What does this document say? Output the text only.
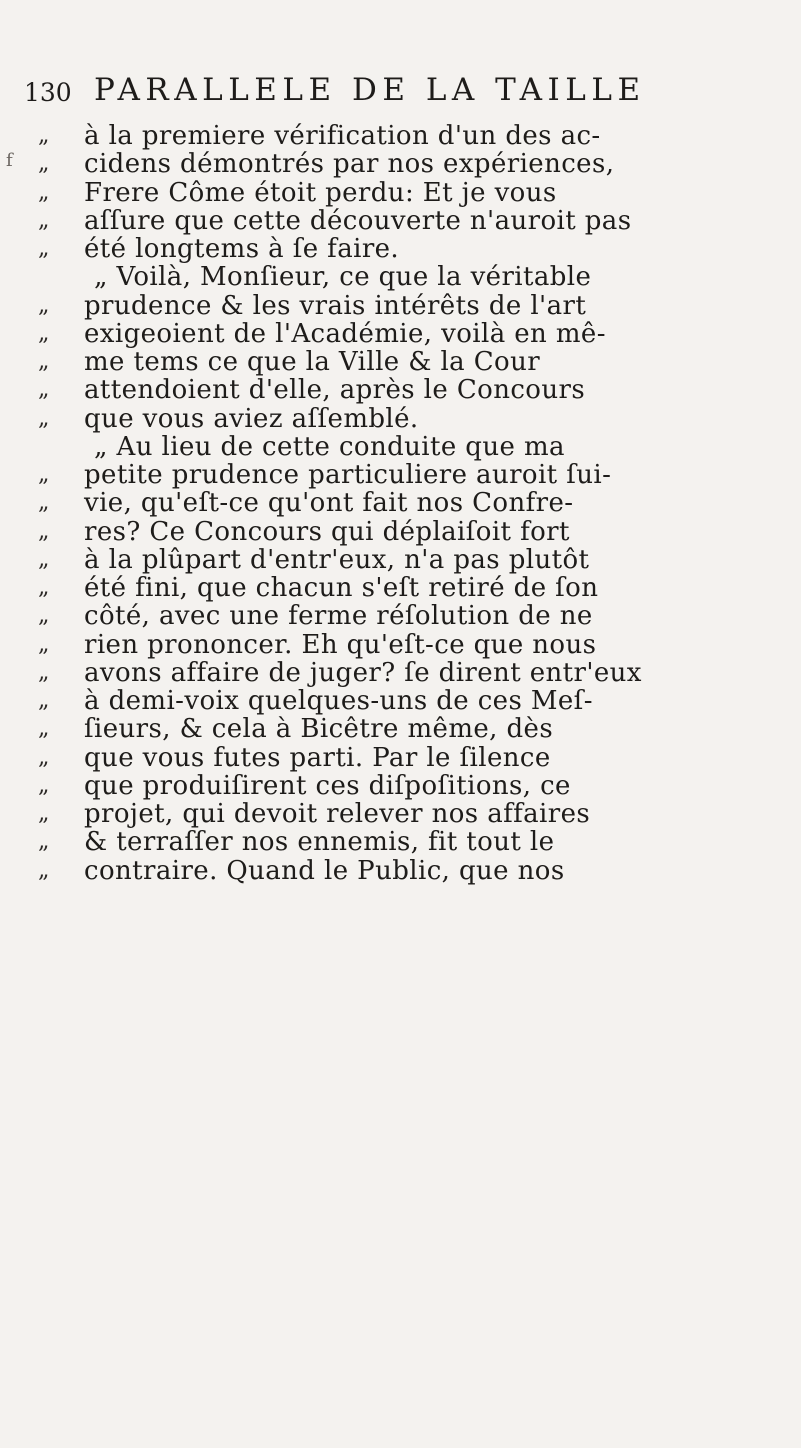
130 PARALLELE DE LA TAILLE
f
„	à la premiere vérification d'un des ac-
„	cidens démontrés par nos expériences,
„	Frere Côme étoit perdu: Et je vous
„	aſſure que cette découverte n'auroit pas
„	été longtems à ſe faire.
„ Voilà, Monſieur, ce que la véritable
„	prudence & les vrais intérêts de l'art
„	exigeoient de l'Académie, voilà en mê-
„	me tems ce que la Ville & la Cour
„	attendoient d'elle, après le Concours
„	que vous aviez aſſemblé.
„ Au lieu de cette conduite que ma
„	petite prudence particuliere auroit ſui-
„	vie, qu'eſt-ce qu'ont fait nos Confre-
„	res? Ce Concours qui déplaiſoit fort
„	à la plûpart d'entr'eux, n'a pas plutôt
„	été fini, que chacun s'eſt retiré de ſon
„	côté, avec une ferme réſolution de ne
„	rien prononcer. Eh qu'eſt-ce que nous
„	avons affaire de juger? ſe dirent entr'eux
„	à demi-voix quelques-uns de ces Meſ-
„	ſieurs, & cela à Bicêtre même, dès
„	que vous futes parti. Par le ſilence
„	que produiſirent ces diſpoſitions, ce
„	projet, qui devoit relever nos affaires
„	& terraſſer nos ennemis, fit tout le
„	contraire. Quand le Public, que nos
